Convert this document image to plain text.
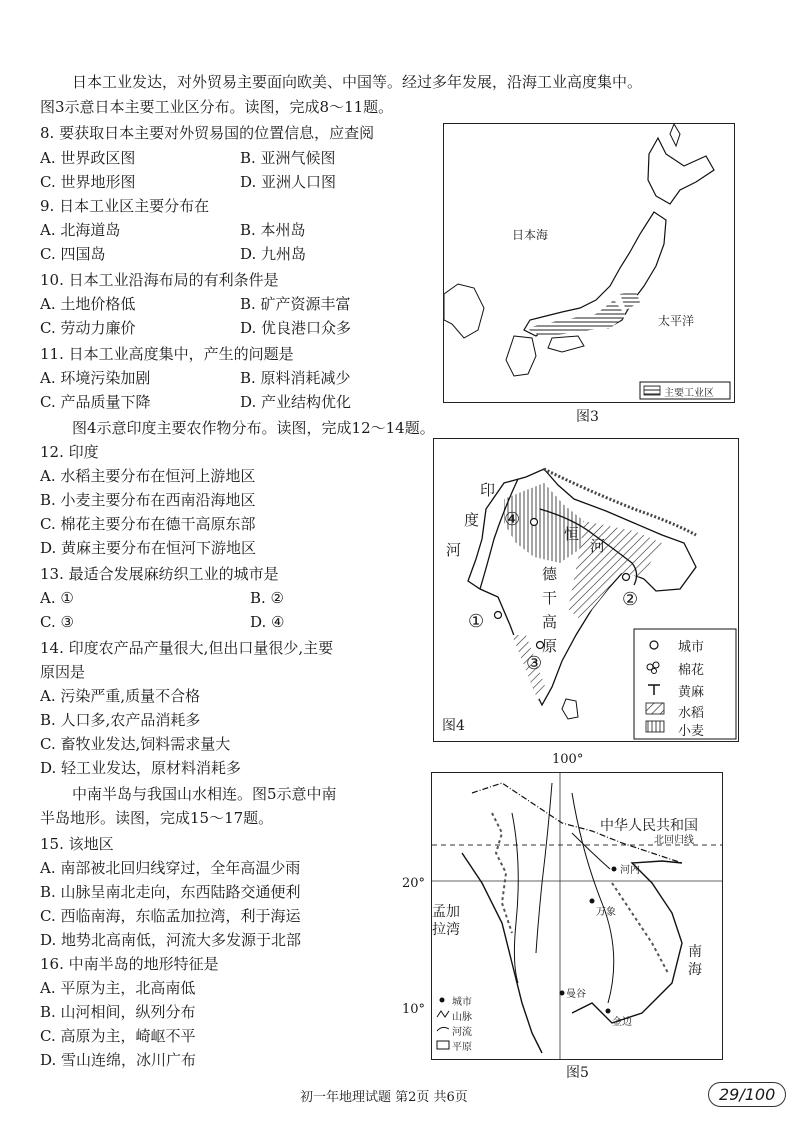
日本工业发达，对外贸易主要面向欧美、中国等。经过多年发展，沿海工业高度集中。
图3示意日本主要工业区分布。读图，完成8～11题。
8. 要获取日本主要对外贸易国的位置信息，应查阅
A. 世界政区图	B. 亚洲气候图
C. 世界地形图	D. 亚洲人口图
9. 日本工业区主要分布在
A. 北海道岛	B. 本州岛
C. 四国岛	D. 九州岛
10. 日本工业沿海布局的有利条件是
A. 土地价格低	B. 矿产资源丰富
C. 劳动力廉价	D. 优良港口众多
11. 日本工业高度集中，产生的问题是
A. 环境污染加剧	B. 原料消耗减少
C. 产品质量下降	D. 产业结构优化
日本海
太平洋
主要工业区
图3
图4示意印度主要农作物分布。读图，完成12～14题。
12. 印度
A. 水稻主要分布在恒河上游地区
B. 小麦主要分布在西南沿海地区
C. 棉花主要分布在德干高原东部
D. 黄麻主要分布在恒河下游地区
13. 最适合发展麻纺织工业的城市是
A. ①	B. ②
C. ③	D. ④
14. 印度农产品产量很大,但出口量很少,主要
原因是
A. 污染严重,质量不合格
B. 人口多,农产品消耗多
C. 畜牧业发达,饲料需求量大
D. 轻工业发达，原材料消耗多
印
度
河
恒
河
德
干
高
原
④
②
①
③
城市
棉花
黄麻
水稻
小麦
图4
中南半岛与我国山水相连。图5示意中南
半岛地形。读图，完成15～17题。
15. 该地区
A. 南部被北回归线穿过，全年高温少雨
B. 山脉呈南北走向，东西陆路交通便利
C. 西临南海，东临孟加拉湾，利于海运
D. 地势北高南低，河流大多发源于北部
16. 中南半岛的地形特征是
A. 平原为主，北高南低
B. 山河相间，纵列分布
C. 高原为主，崎岖不平
D. 雪山连绵，冰川广布
100°
20°
10°
中华人民共和国
北回归线
孟加拉湾
南海
河内
万象
曼谷
金边
城市
山脉
河流
平原
图5
初一年地理试题 第2页 共6页	29/100
